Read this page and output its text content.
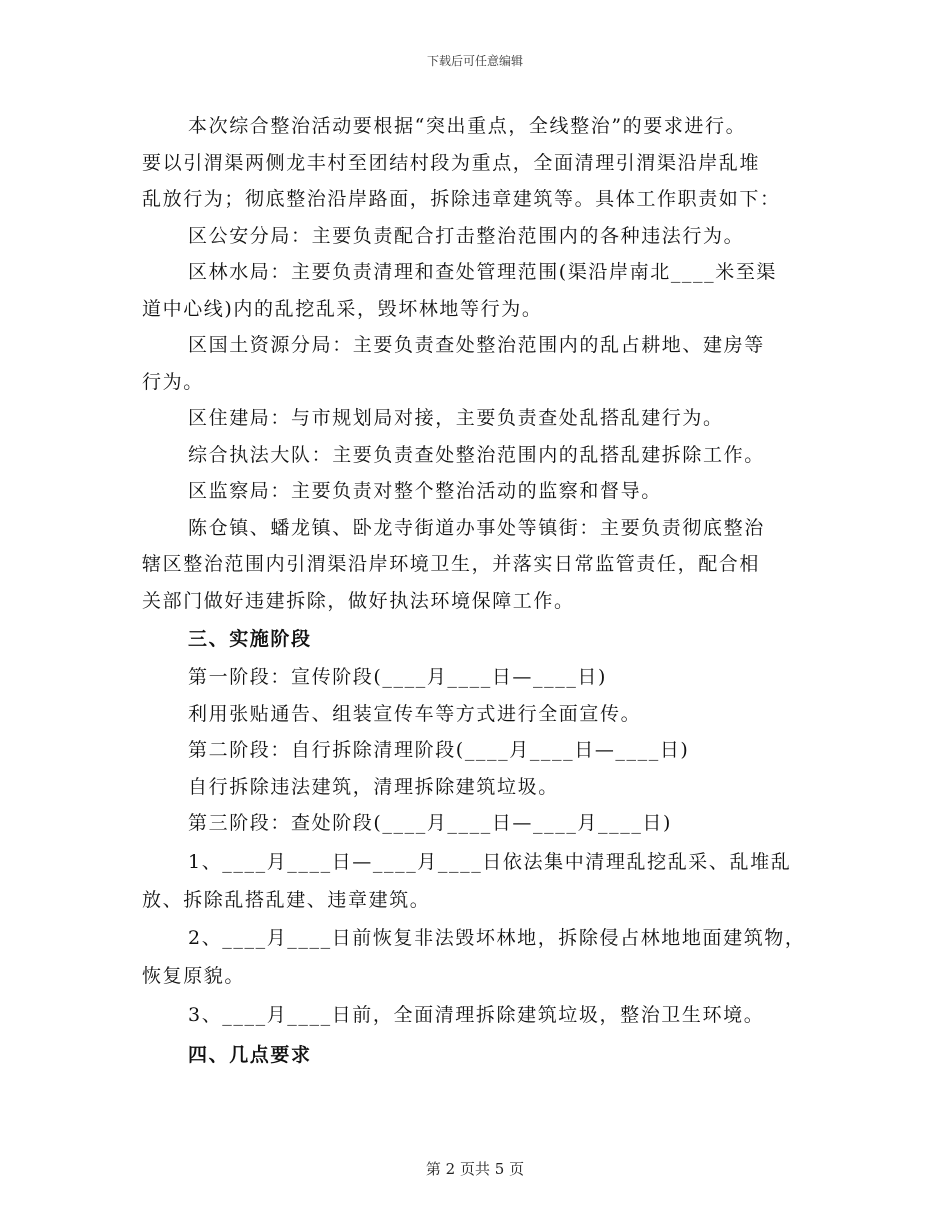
下载后可任意编辑
本次综合整治活动要根据“突出重点，全线整治”的要求进行。
要以引渭渠两侧龙丰村至团结村段为重点，全面清理引渭渠沿岸乱堆
乱放行为；彻底整治沿岸路面，拆除违章建筑等。具体工作职责如下：
区公安分局：主要负责配合打击整治范围内的各种违法行为。
区林水局：主要负责清理和查处管理范围(渠沿岸南北____米至渠
道中心线)内的乱挖乱采，毁坏林地等行为。
区国土资源分局：主要负责查处整治范围内的乱占耕地、建房等
行为。
区住建局：与市规划局对接，主要负责查处乱搭乱建行为。
综合执法大队：主要负责查处整治范围内的乱搭乱建拆除工作。
区监察局：主要负责对整个整治活动的监察和督导。
陈仓镇、蟠龙镇、卧龙寺街道办事处等镇街：主要负责彻底整治
辖区整治范围内引渭渠沿岸环境卫生，并落实日常监管责任，配合相
关部门做好违建拆除，做好执法环境保障工作。
三、实施阶段
第一阶段：宣传阶段(____月____日—____日)
利用张贴通告、组装宣传车等方式进行全面宣传。
第二阶段：自行拆除清理阶段(____月____日—____日)
自行拆除违法建筑，清理拆除建筑垃圾。
第三阶段：查处阶段(____月____日—____月____日)
1、____月____日—____月____日依法集中清理乱挖乱采、乱堆乱
放、拆除乱搭乱建、违章建筑。
2、____月____日前恢复非法毁坏林地，拆除侵占林地地面建筑物，
恢复原貌。
3、____月____日前，全面清理拆除建筑垃圾，整治卫生环境。
四、几点要求
第 2 页共 5 页
